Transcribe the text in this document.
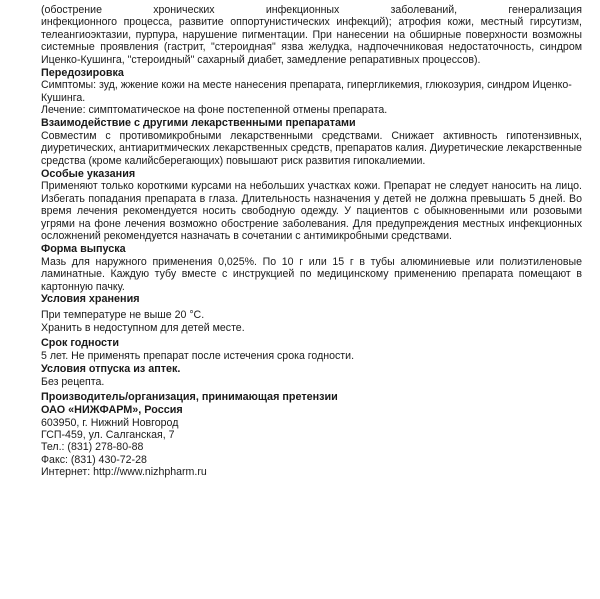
(обострение	хронических	инфекционных	заболеваний,	генерализация

инфекционного процесса, развитие оппортунистических инфекций); атрофия кожи, местный гирсутизм, телеангиоэктазии, пурпура, нарушение пигментации. При нанесении на обширные поверхности возможны системные проявления (гастрит, "стероидная" язва желудка, надпочечниковая недостаточность, синдром Иценко-Кушинга, "стероидный" сахарный диабет, замедление репаративных процессов).

Передозировка

Симптомы: зуд, жжение кожи на месте нанесения препарата, гипергликемия, глюкозурия, синдром Иценко-Кушинга.

Лечение: симптоматическое на фоне постепенной отмены препарата.

Взаимодействие с другими лекарственными препаратами

Совместим с противомикробными лекарственными средствами. Снижает активность гипотензивных, диуретических, антиаритмических лекарственных средств, препаратов калия. Диуретические лекарственные средства (кроме калийсберегающих) повышают риск развития гипокалиемии.

Особые указания

Применяют только короткими курсами на небольших участках кожи. Препарат не следует наносить на лицо. Избегать попадания препарата в глаза. Длительность назначения у детей не должна превышать 5 дней. Во время лечения рекомендуется носить свободную одежду. У пациентов с обыкновенными или розовыми угрями на фоне лечения возможно обострение заболевания. Для предупреждения местных инфекционных осложнений рекомендуется назначать в сочетании с антимикробными средствами.

Форма выпуска

Мазь для наружного применения 0,025%. По 10 г или 15 г в тубы алюминиевые или полиэтиленовые ламинатные. Каждую тубу вместе с инструкцией по медицинскому применению препарата помещают в картонную пачку.

Условия хранения

При температуре не выше 20 °С.

Хранить в недоступном для детей месте.

Срок годности

5 лет. Не применять препарат после истечения срока годности.

Условия отпуска из аптек.

Без рецепта.

Производитель/организация, принимающая претензии
ОАО «НИЖФАРМ», Россия

603950, г. Нижний Новгород

ГСП-459, ул. Салганская, 7

Тел.: (831) 278-80-88

Факс: (831) 430-72-28

Интернет: http://www.nizhpharm.ru
